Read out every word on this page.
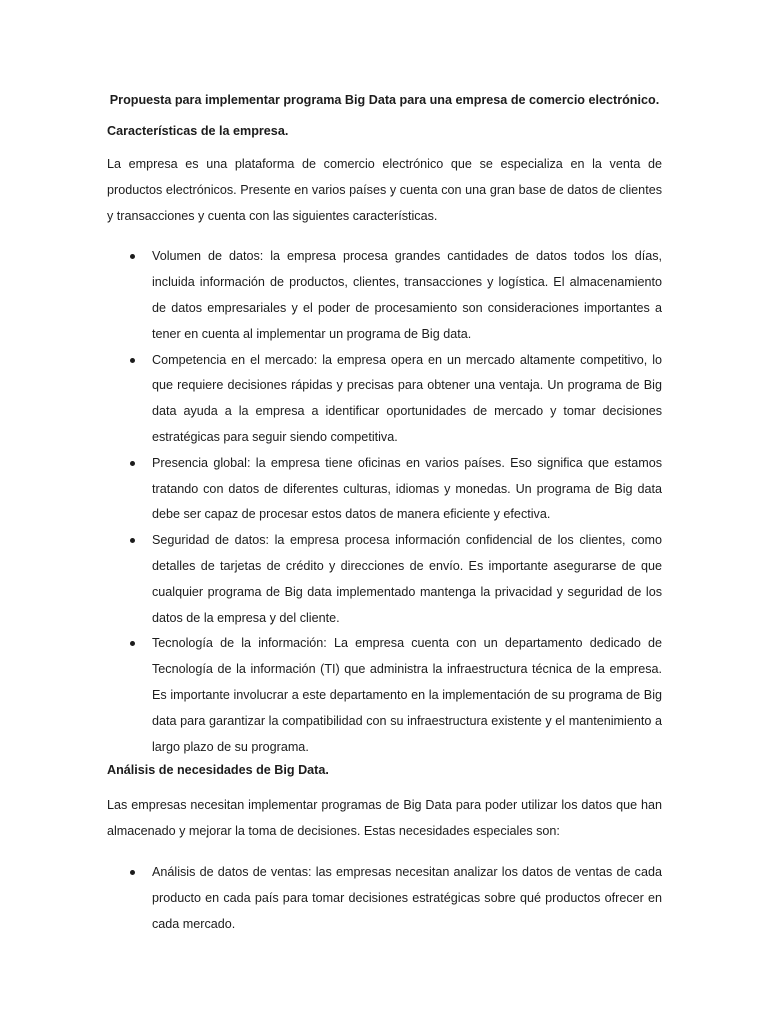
Propuesta para implementar programa Big Data para una empresa de comercio electrónico.

Características de la empresa.

La empresa es una plataforma de comercio electrónico que se especializa en la venta de productos electrónicos. Presente en varios países y cuenta con una gran base de datos de clientes y transacciones y cuenta con las siguientes características.

Volumen de datos: la empresa procesa grandes cantidades de datos todos los días, incluida información de productos, clientes, transacciones y logística. El almacenamiento de datos empresariales y el poder de procesamiento son consideraciones importantes a tener en cuenta al implementar un programa de Big data.
Competencia en el mercado: la empresa opera en un mercado altamente competitivo, lo que requiere decisiones rápidas y precisas para obtener una ventaja. Un programa de Big data ayuda a la empresa a identificar oportunidades de mercado y tomar decisiones estratégicas para seguir siendo competitiva.
Presencia global: la empresa tiene oficinas en varios países. Eso significa que estamos tratando con datos de diferentes culturas, idiomas y monedas. Un programa de Big data debe ser capaz de procesar estos datos de manera eficiente y efectiva.
Seguridad de datos: la empresa procesa información confidencial de los clientes, como detalles de tarjetas de crédito y direcciones de envío. Es importante asegurarse de que cualquier programa de Big data implementado mantenga la privacidad y seguridad de los datos de la empresa y del cliente.
Tecnología de la información: La empresa cuenta con un departamento dedicado de Tecnología de la información (TI) que administra la infraestructura técnica de la empresa. Es importante involucrar a este departamento en la implementación de su programa de Big data para garantizar la compatibilidad con su infraestructura existente y el mantenimiento a largo plazo de su programa.

Análisis de necesidades de Big Data.

Las empresas necesitan implementar programas de Big Data para poder utilizar los datos que han almacenado y mejorar la toma de decisiones. Estas necesidades especiales son:

Análisis de datos de ventas: las empresas necesitan analizar los datos de ventas de cada producto en cada país para tomar decisiones estratégicas sobre qué productos ofrecer en cada mercado.
